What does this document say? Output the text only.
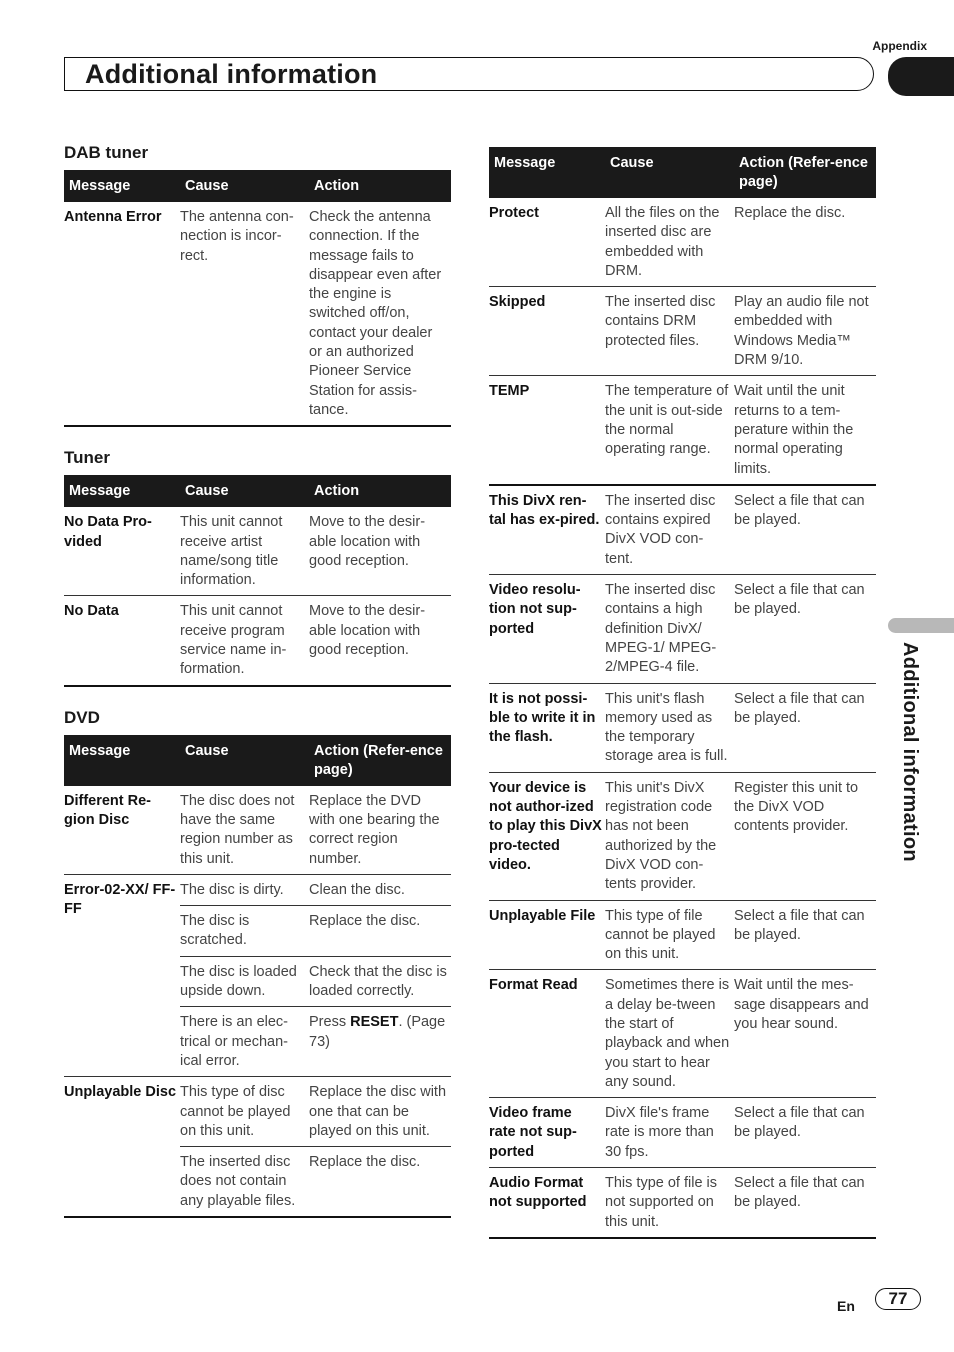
Appendix
Additional information
Additional information
DAB tuner
Message	Cause	Action
Antenna Error	The antenna con-nection is incor-rect.	Check the antenna connection. If the message fails to disappear even after the engine is switched off/on, contact your dealer or an authorized Pioneer Service Station for assis-tance.
Tuner
Message	Cause	Action
No Data Pro-vided	This unit cannot receive artist name/song title information.	Move to the desir-able location with good reception.
No Data	This unit cannot receive program service name in-formation.	Move to the desir-able location with good reception.
DVD
Message	Cause	Action (Refer-ence page)
Different Re-gion Disc	The disc does not have the same region number as this unit.	Replace the DVD with one bearing the correct region number.
Error-02-XX/ FF-FF	The disc is dirty.	Clean the disc.
	The disc is scratched.	Replace the disc.
	The disc is loaded upside down.	Check that the disc is loaded correctly.
	There is an elec-trical or mechan-ical error.	Press RESET. (Page 73)
Unplayable Disc	This type of disc cannot be played on this unit.	Replace the disc with one that can be played on this unit.
	The inserted disc does not contain any playable files.	Replace the disc.
Message	Cause	Action (Refer-ence page)
Protect	All the files on the inserted disc are embedded with DRM.	Replace the disc.
Skipped	The inserted disc contains DRM protected files.	Play an audio file not embedded with Windows Media™ DRM 9/10.
TEMP	The temperature of the unit is out-side the normal operating range.	Wait until the unit returns to a tem-perature within the normal operating limits.
This DivX ren-tal has ex-pired.	The inserted disc contains expired DivX VOD con-tent.	Select a file that can be played.
Video resolu-tion not sup-ported	The inserted disc contains a high definition DivX/ MPEG-1/ MPEG-2/MPEG-4 file.	Select a file that can be played.
It is not possi-ble to write it in the flash.	This unit's flash memory used as the temporary storage area is full.	Select a file that can be played.
Your device is not author-ized to play this DivX pro-tected video.	This unit's DivX registration code has not been authorized by the DivX VOD con-tents provider.	Register this unit to the DivX VOD contents provider.
Unplayable File	This type of file cannot be played on this unit.	Select a file that can be played.
Format Read	Sometimes there is a delay be-tween the start of playback and when you start to hear any sound.	Wait until the mes-sage disappears and you hear sound.
Video frame rate not sup-ported	DivX file's frame rate is more than 30 fps.	Select a file that can be played.
Audio Format not supported	This type of file is not supported on this unit.	Select a file that can be played.
En	77
